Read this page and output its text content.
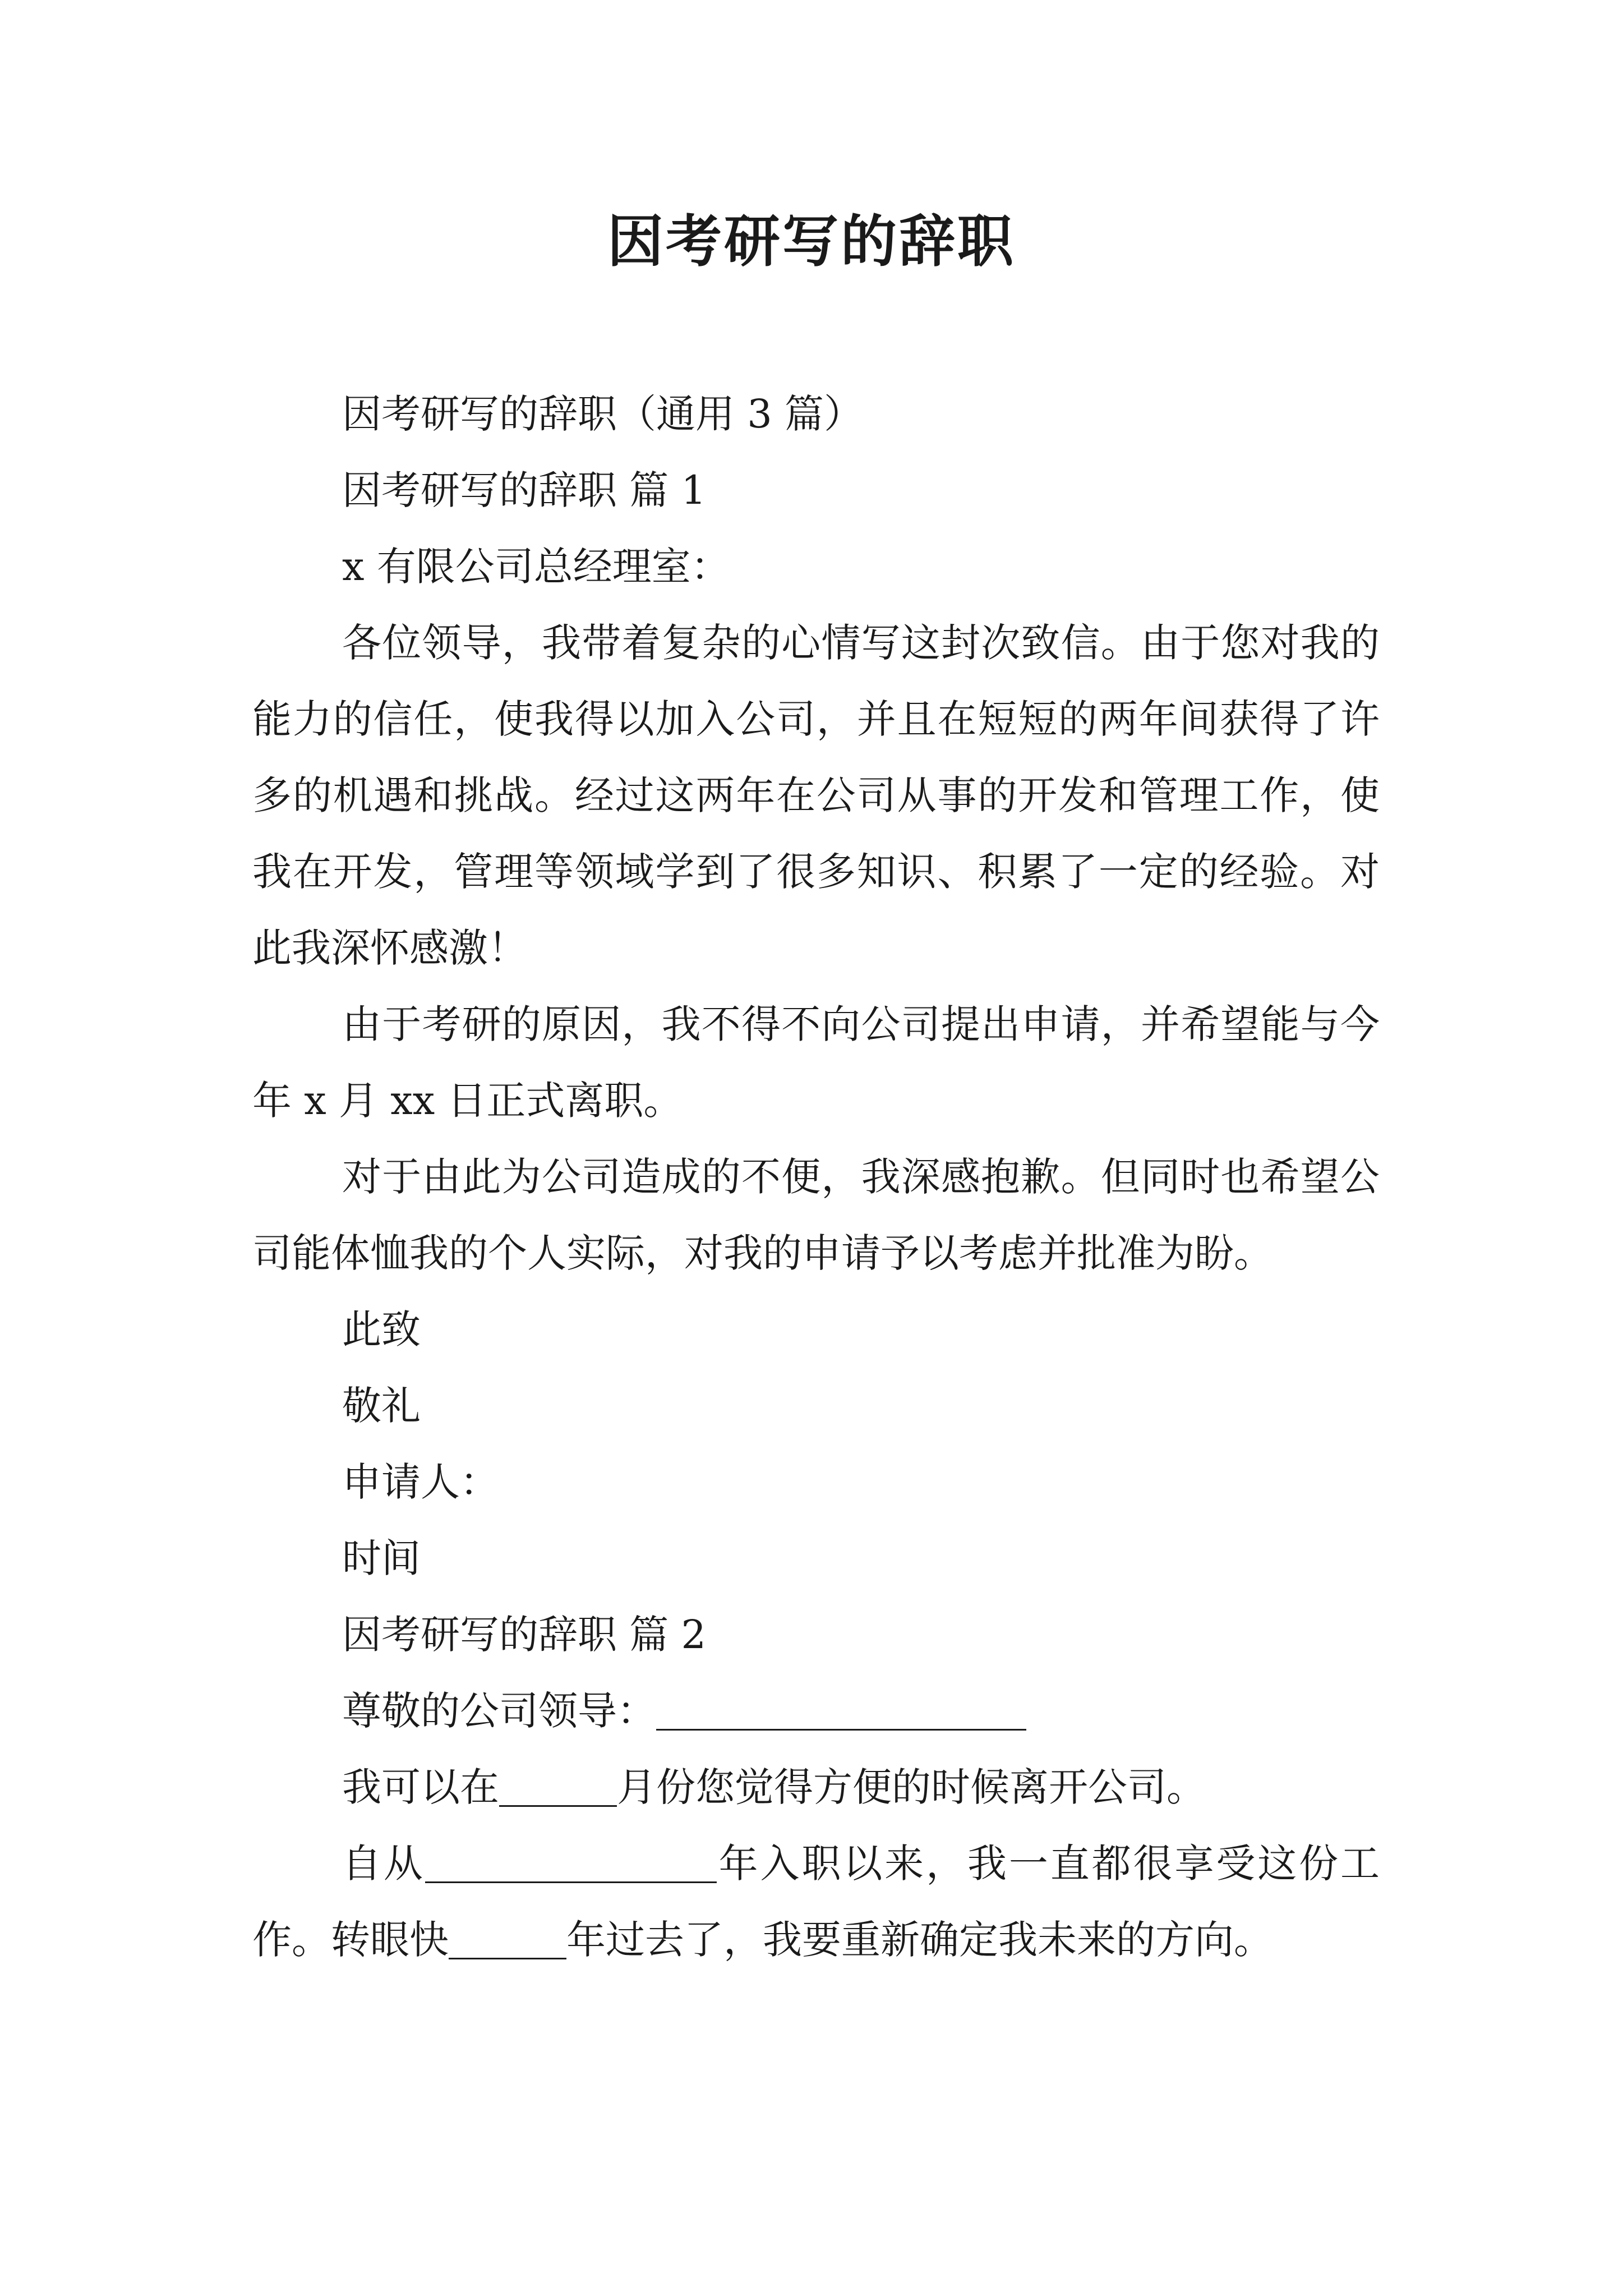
因考研写的辞职

因考研写的辞职（通用 3 篇）

因考研写的辞职 篇 1

x 有限公司总经理室：

各位领导，我带着复杂的心情写这封次致信。由于您对我的能力的信任，使我得以加入公司，并且在短短的两年间获得了许多的机遇和挑战。经过这两年在公司从事的开发和管理工作，使我在开发，管理等领域学到了很多知识、积累了一定的经验。对此我深怀感激！

由于考研的原因，我不得不向公司提出申请，并希望能与今年 x 月 xx 日正式离职。

对于由此为公司造成的不便，我深感抱歉。但同时也希望公司能体恤我的个人实际，对我的申请予以考虑并批准为盼。

此致

敬礼

申请人：

时间

因考研写的辞职 篇 2

尊敬的公司领导：

我可以在	月份您觉得方便的时候离开公司。

自从	年入职以来，我一直都很享受这份工作。转眼快	年过去了，我要重新确定我未来的方向。
